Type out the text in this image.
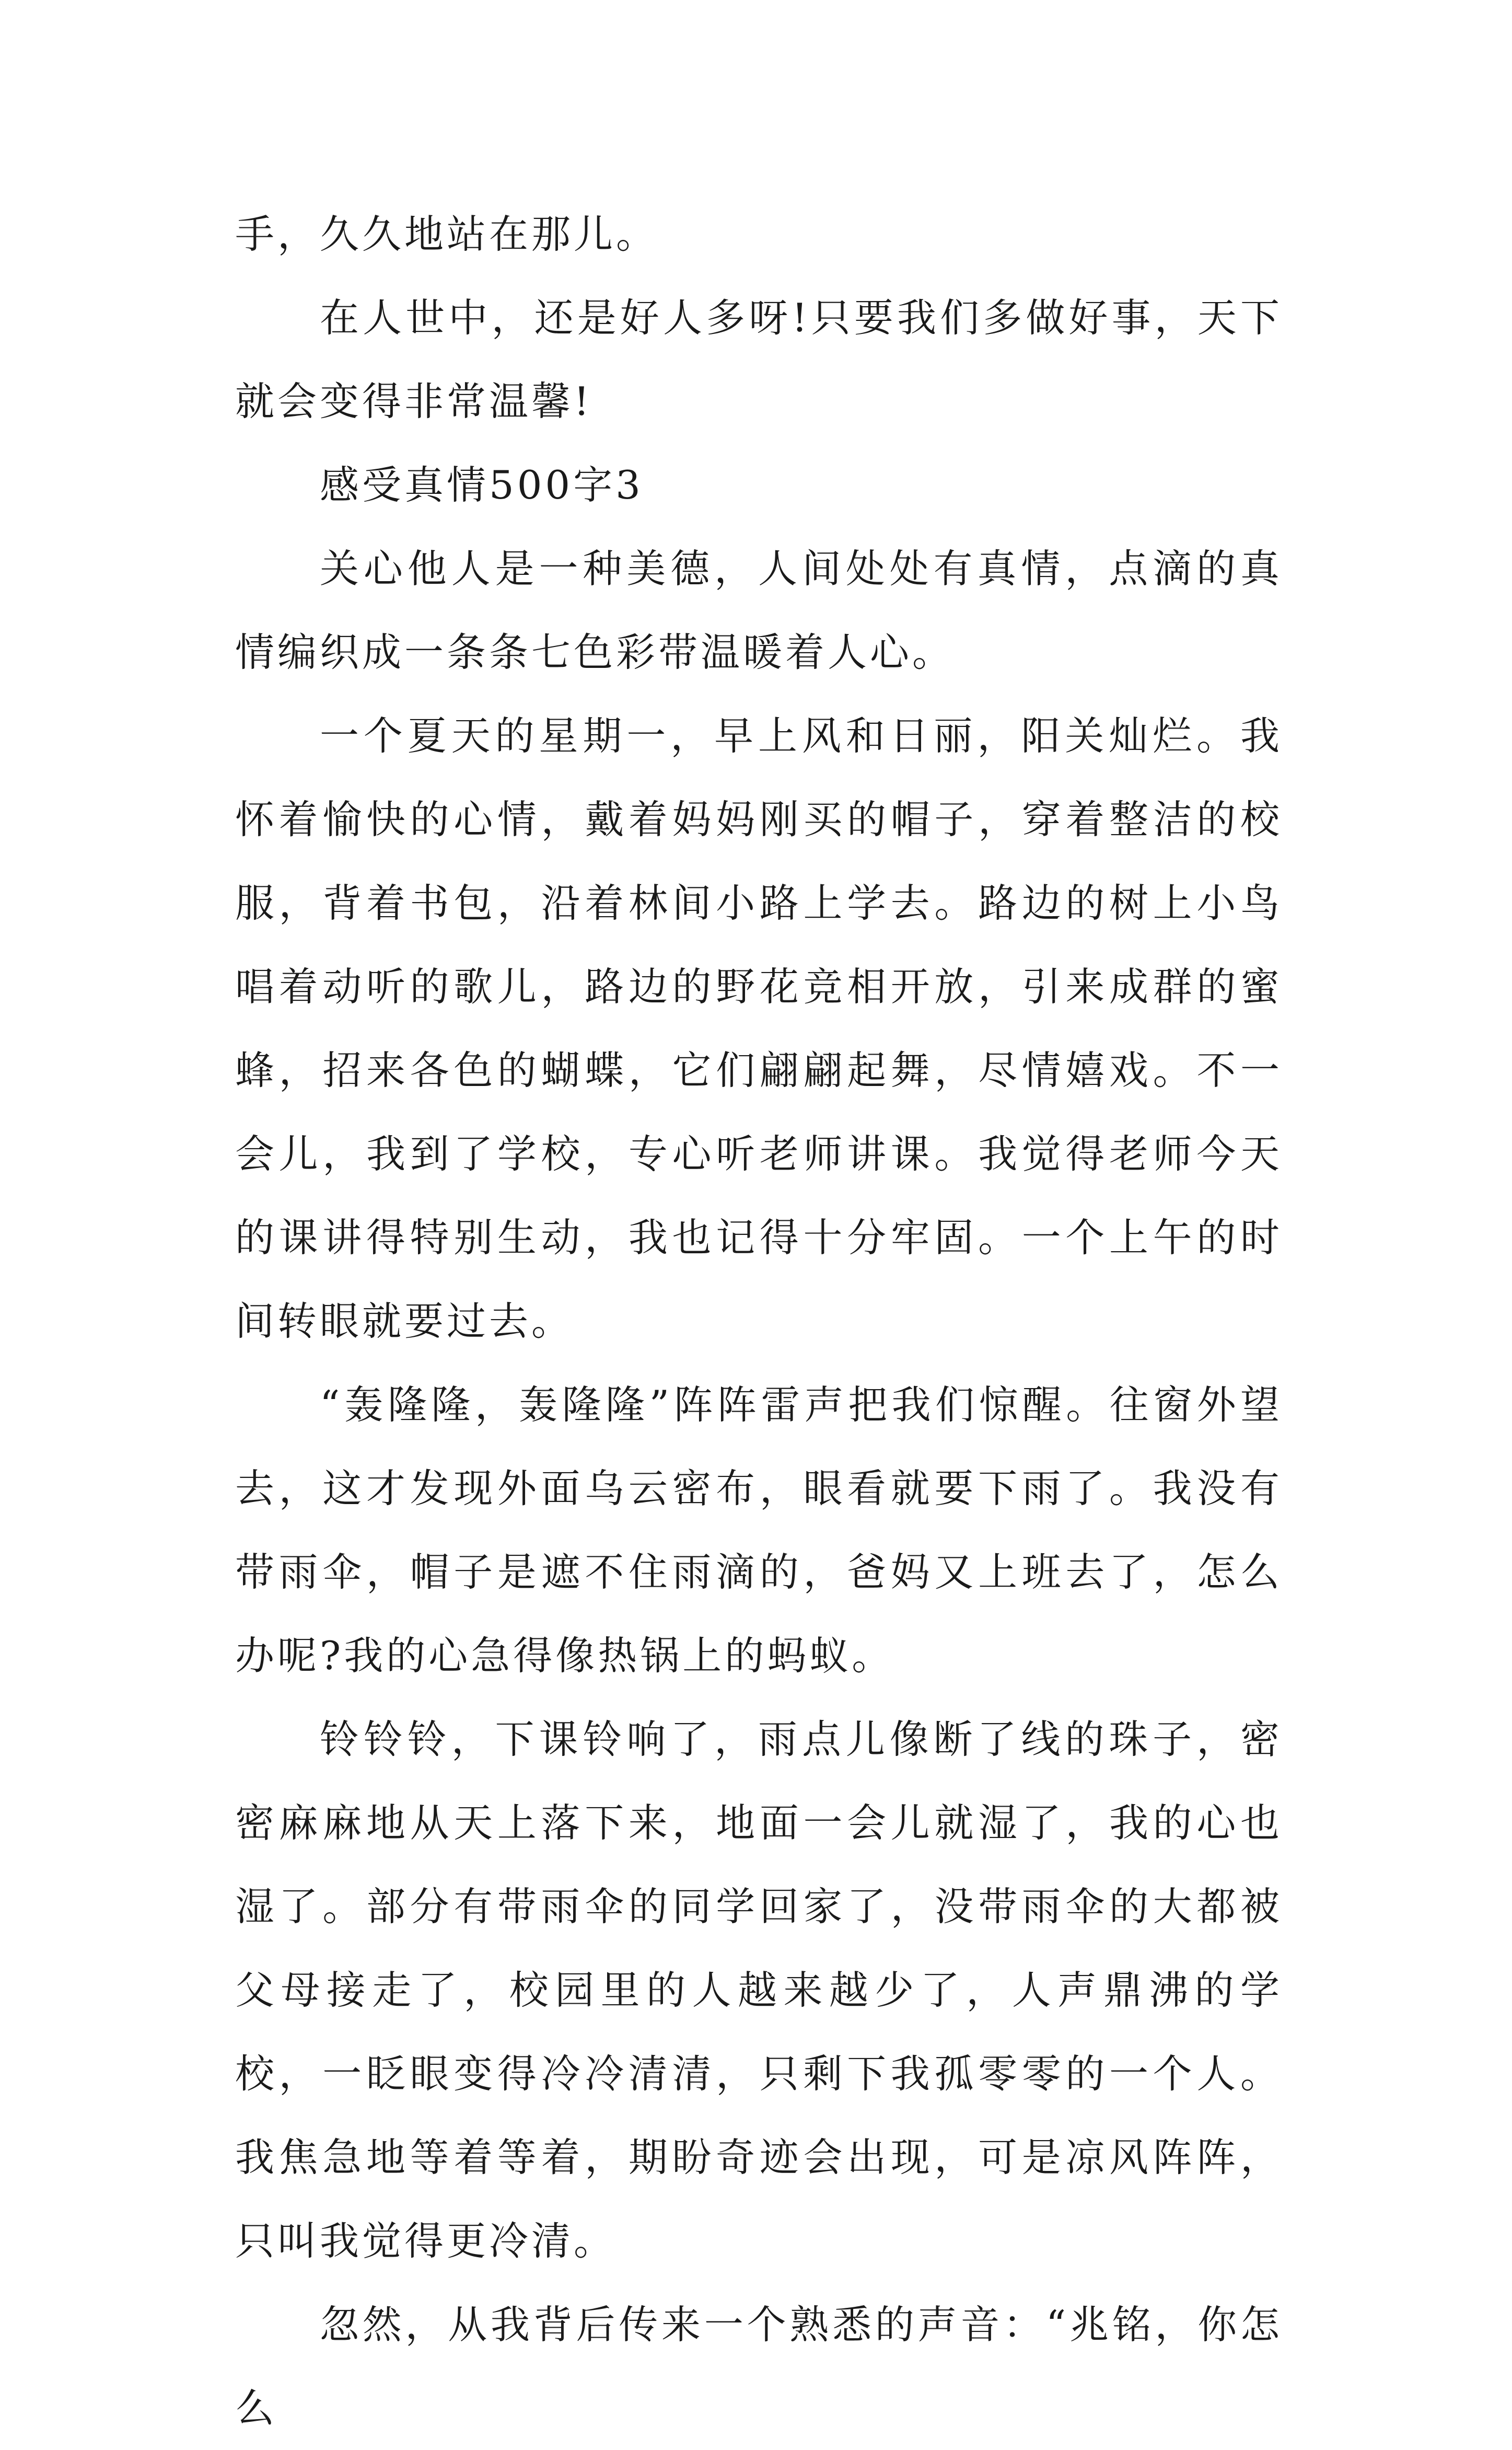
手，久久地站在那儿。

在人世中，还是好人多呀!只要我们多做好事，天下就会变得非常温馨!

感受真情500字3

关心他人是一种美德，人间处处有真情，点滴的真情编织成一条条七色彩带温暖着人心。

一个夏天的星期一，早上风和日丽，阳关灿烂。我怀着愉快的心情，戴着妈妈刚买的帽子，穿着整洁的校服，背着书包，沿着林间小路上学去。路边的树上小鸟唱着动听的歌儿，路边的野花竞相开放，引来成群的蜜蜂，招来各色的蝴蝶，它们翩翩起舞，尽情嬉戏。不一会儿，我到了学校，专心听老师讲课。我觉得老师今天的课讲得特别生动，我也记得十分牢固。一个上午的时间转眼就要过去。

“轰隆隆，轰隆隆”阵阵雷声把我们惊醒。往窗外望去，这才发现外面乌云密布，眼看就要下雨了。我没有带雨伞，帽子是遮不住雨滴的，爸妈又上班去了，怎么办呢?我的心急得像热锅上的蚂蚁。

铃铃铃，下课铃响了，雨点儿像断了线的珠子，密密麻麻地从天上落下来，地面一会儿就湿了，我的心也湿了。部分有带雨伞的同学回家了，没带雨伞的大都被父母接走了，校园里的人越来越少了，人声鼎沸的学校，一眨眼变得冷冷清清，只剩下我孤零零的一个人。我焦急地等着等着，期盼奇迹会出现，可是凉风阵阵，只叫我觉得更冷清。

忽然，从我背后传来一个熟悉的声音：“兆铭，你怎么
